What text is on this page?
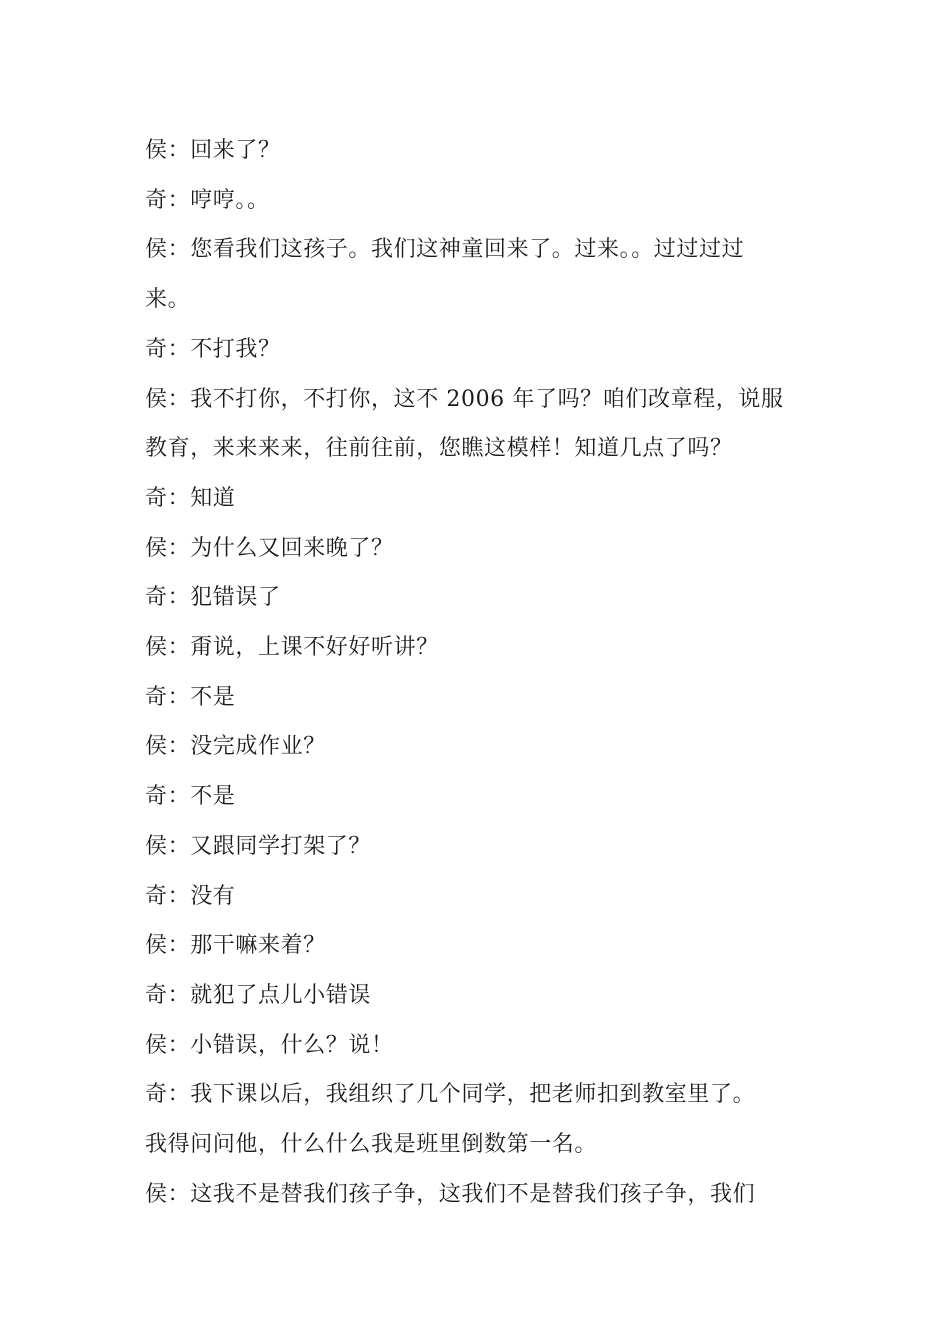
侯：回来了？

奇：哼哼。。

侯：您看我们这孩子。我们这神童回来了。过来。。过过过过

来。

奇：不打我？

侯：我不打你，不打你，这不 2006 年了吗？咱们改章程，说服

教育，来来来来，往前往前，您瞧这模样！知道几点了吗？

奇：知道

侯：为什么又回来晚了？

奇：犯错误了

侯：甭说，上课不好好听讲？

奇：不是

侯：没完成作业？

奇：不是

侯：又跟同学打架了？

奇：没有

侯：那干嘛来着？

奇：就犯了点儿小错误

侯：小错误，什么？说！

奇：我下课以后，我组织了几个同学，把老师扣到教室里了。

我得问问他，什么什么我是班里倒数第一名。

侯：这我不是替我们孩子争，这我们不是替我们孩子争，我们
